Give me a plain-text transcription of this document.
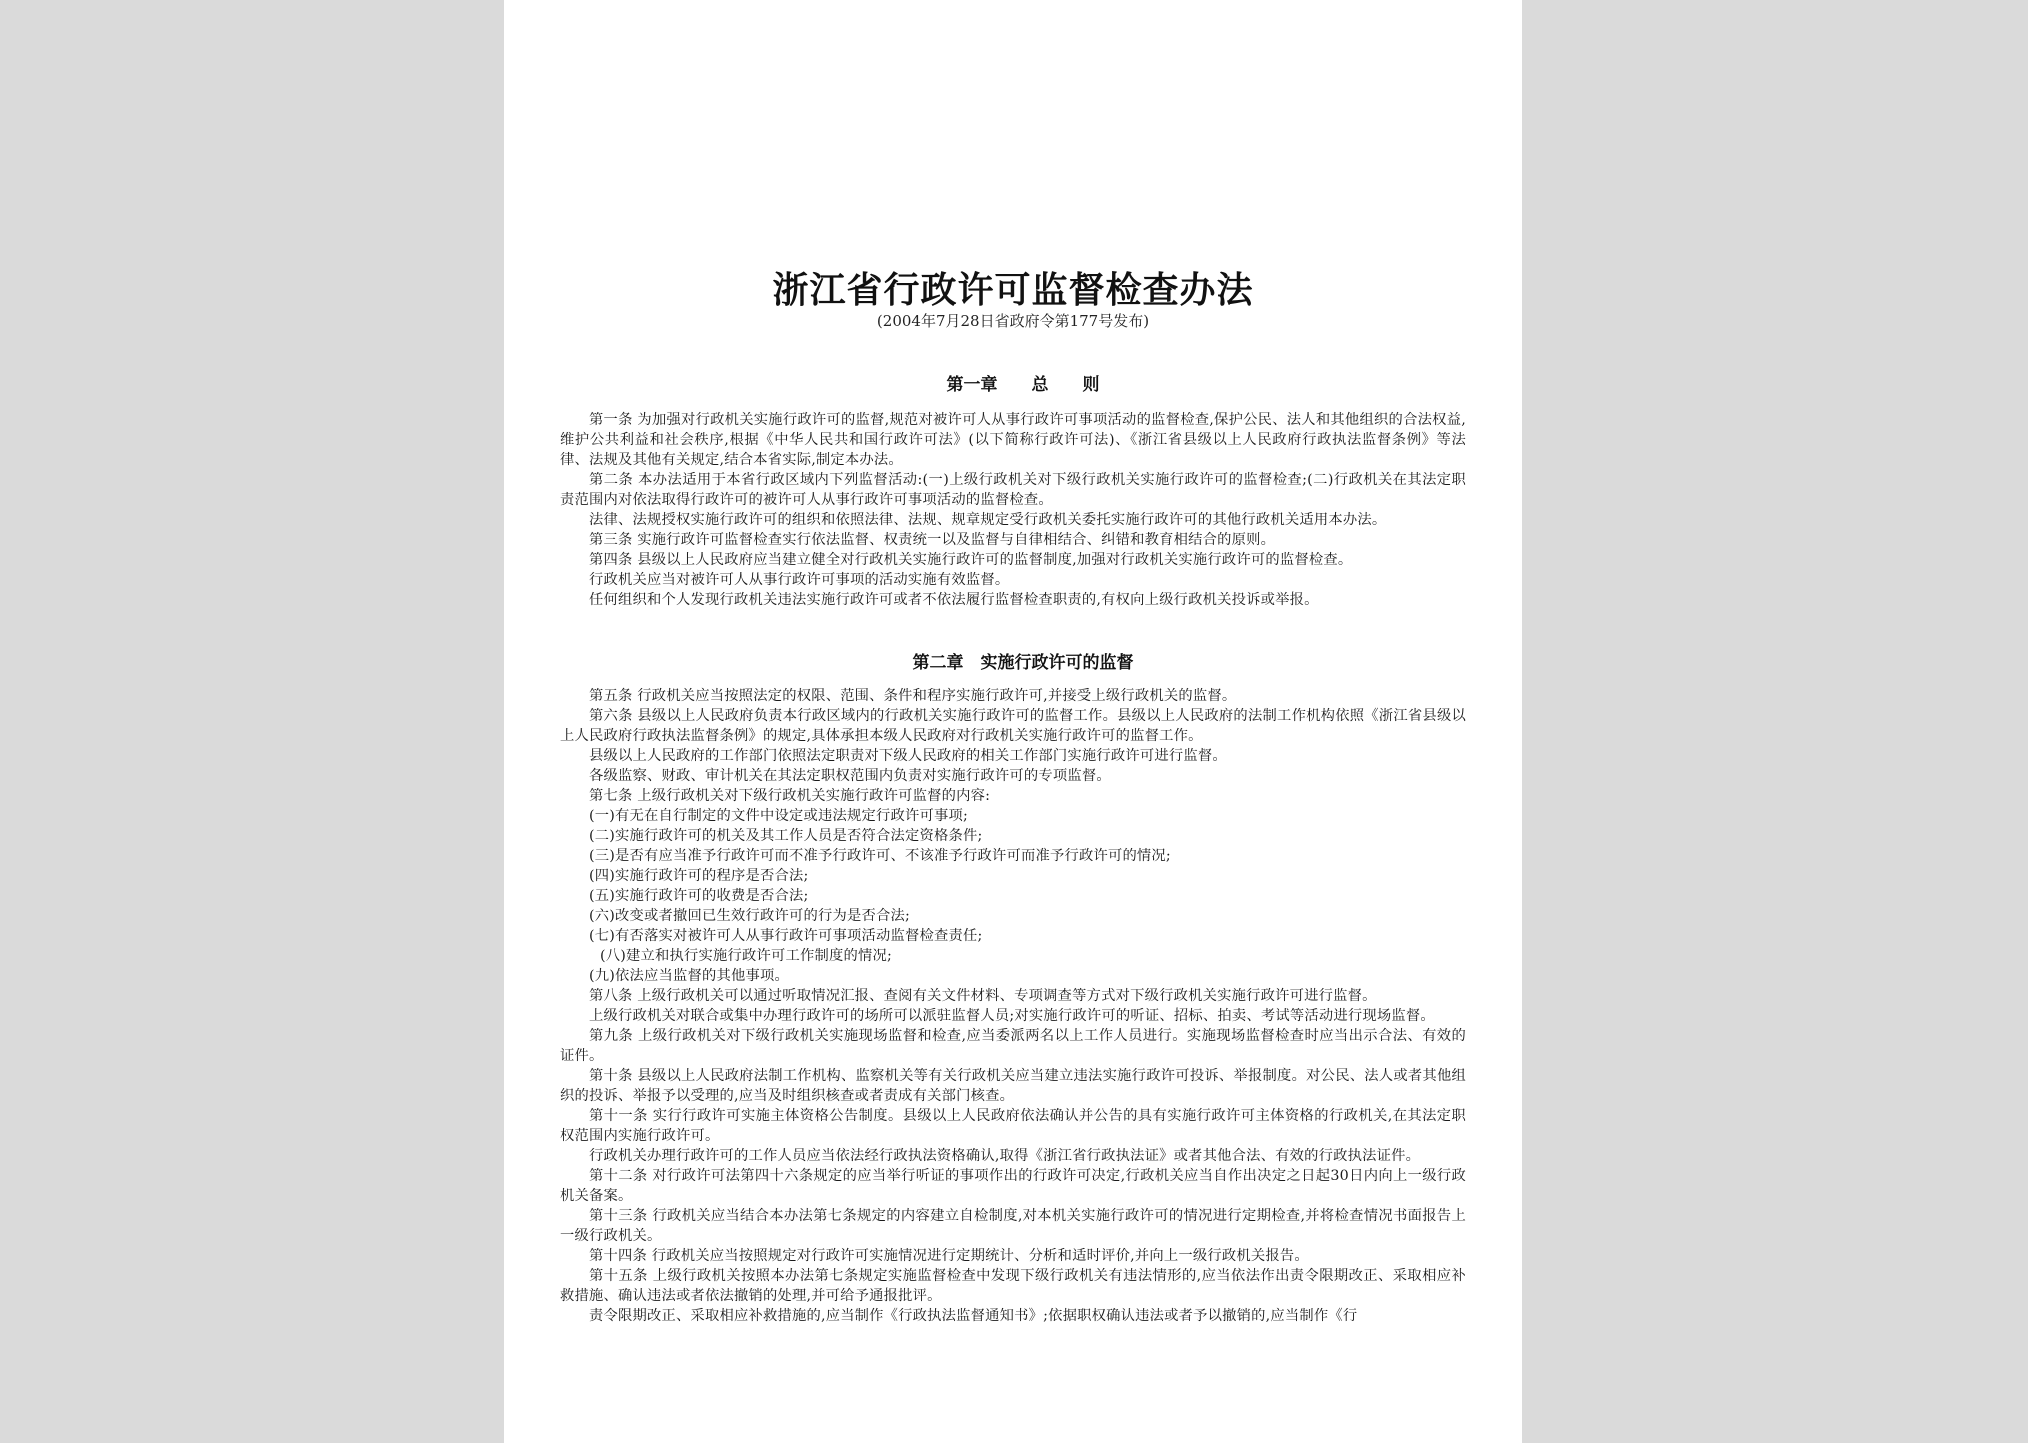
浙江省行政许可监督检查办法
(2004年7月28日省政府令第177号发布)
第一章　　总　　则

第一条 为加强对行政机关实施行政许可的监督,规范对被许可人从事行政许可事项活动的监督检查,保护公民、法人和其他组织的合法权益,维护公共利益和社会秩序,根据《中华人民共和国行政许可法》(以下简称行政许可法)、《浙江省县级以上人民政府行政执法监督条例》等法律、法规及其他有关规定,结合本省实际,制定本办法。

第二条 本办法适用于本省行政区域内下列监督活动:(一)上级行政机关对下级行政机关实施行政许可的监督检查;(二)行政机关在其法定职责范围内对依法取得行政许可的被许可人从事行政许可事项活动的监督检查。

法律、法规授权实施行政许可的组织和依照法律、法规、规章规定受行政机关委托实施行政许可的其他行政机关适用本办法。

第三条 实施行政许可监督检查实行依法监督、权责统一以及监督与自律相结合、纠错和教育相结合的原则。

第四条 县级以上人民政府应当建立健全对行政机关实施行政许可的监督制度,加强对行政机关实施行政许可的监督检查。

行政机关应当对被许可人从事行政许可事项的活动实施有效监督。

任何组织和个人发现行政机关违法实施行政许可或者不依法履行监督检查职责的,有权向上级行政机关投诉或举报。

第二章　实施行政许可的监督

第五条 行政机关应当按照法定的权限、范围、条件和程序实施行政许可,并接受上级行政机关的监督。

第六条 县级以上人民政府负责本行政区域内的行政机关实施行政许可的监督工作。县级以上人民政府的法制工作机构依照《浙江省县级以上人民政府行政执法监督条例》的规定,具体承担本级人民政府对行政机关实施行政许可的监督工作。

县级以上人民政府的工作部门依照法定职责对下级人民政府的相关工作部门实施行政许可进行监督。

各级监察、财政、审计机关在其法定职权范围内负责对实施行政许可的专项监督。

第七条 上级行政机关对下级行政机关实施行政许可监督的内容:

(一)有无在自行制定的文件中设定或违法规定行政许可事项;

(二)实施行政许可的机关及其工作人员是否符合法定资格条件;

(三)是否有应当准予行政许可而不准予行政许可、不该准予行政许可而准予行政许可的情况;

(四)实施行政许可的程序是否合法;

(五)实施行政许可的收费是否合法;

(六)改变或者撤回已生效行政许可的行为是否合法;

(七)有否落实对被许可人从事行政许可事项活动监督检查责任;

(八)建立和执行实施行政许可工作制度的情况;

(九)依法应当监督的其他事项。

第八条 上级行政机关可以通过听取情况汇报、查阅有关文件材料、专项调查等方式对下级行政机关实施行政许可进行监督。

上级行政机关对联合或集中办理行政许可的场所可以派驻监督人员;对实施行政许可的听证、招标、拍卖、考试等活动进行现场监督。

第九条 上级行政机关对下级行政机关实施现场监督和检查,应当委派两名以上工作人员进行。实施现场监督检查时应当出示合法、有效的证件。

第十条 县级以上人民政府法制工作机构、监察机关等有关行政机关应当建立违法实施行政许可投诉、举报制度。对公民、法人或者其他组织的投诉、举报予以受理的,应当及时组织核查或者责成有关部门核查。

第十一条 实行行政许可实施主体资格公告制度。县级以上人民政府依法确认并公告的具有实施行政许可主体资格的行政机关,在其法定职权范围内实施行政许可。

行政机关办理行政许可的工作人员应当依法经行政执法资格确认,取得《浙江省行政执法证》或者其他合法、有效的行政执法证件。

第十二条 对行政许可法第四十六条规定的应当举行听证的事项作出的行政许可决定,行政机关应当自作出决定之日起30日内向上一级行政机关备案。

第十三条 行政机关应当结合本办法第七条规定的内容建立自检制度,对本机关实施行政许可的情况进行定期检查,并将检查情况书面报告上一级行政机关。

第十四条 行政机关应当按照规定对行政许可实施情况进行定期统计、分析和适时评价,并向上一级行政机关报告。

第十五条 上级行政机关按照本办法第七条规定实施监督检查中发现下级行政机关有违法情形的,应当依法作出责令限期改正、采取相应补救措施、确认违法或者依法撤销的处理,并可给予通报批评。

责令限期改正、采取相应补救措施的,应当制作《行政执法监督通知书》;依据职权确认违法或者予以撤销的,应当制作《行
